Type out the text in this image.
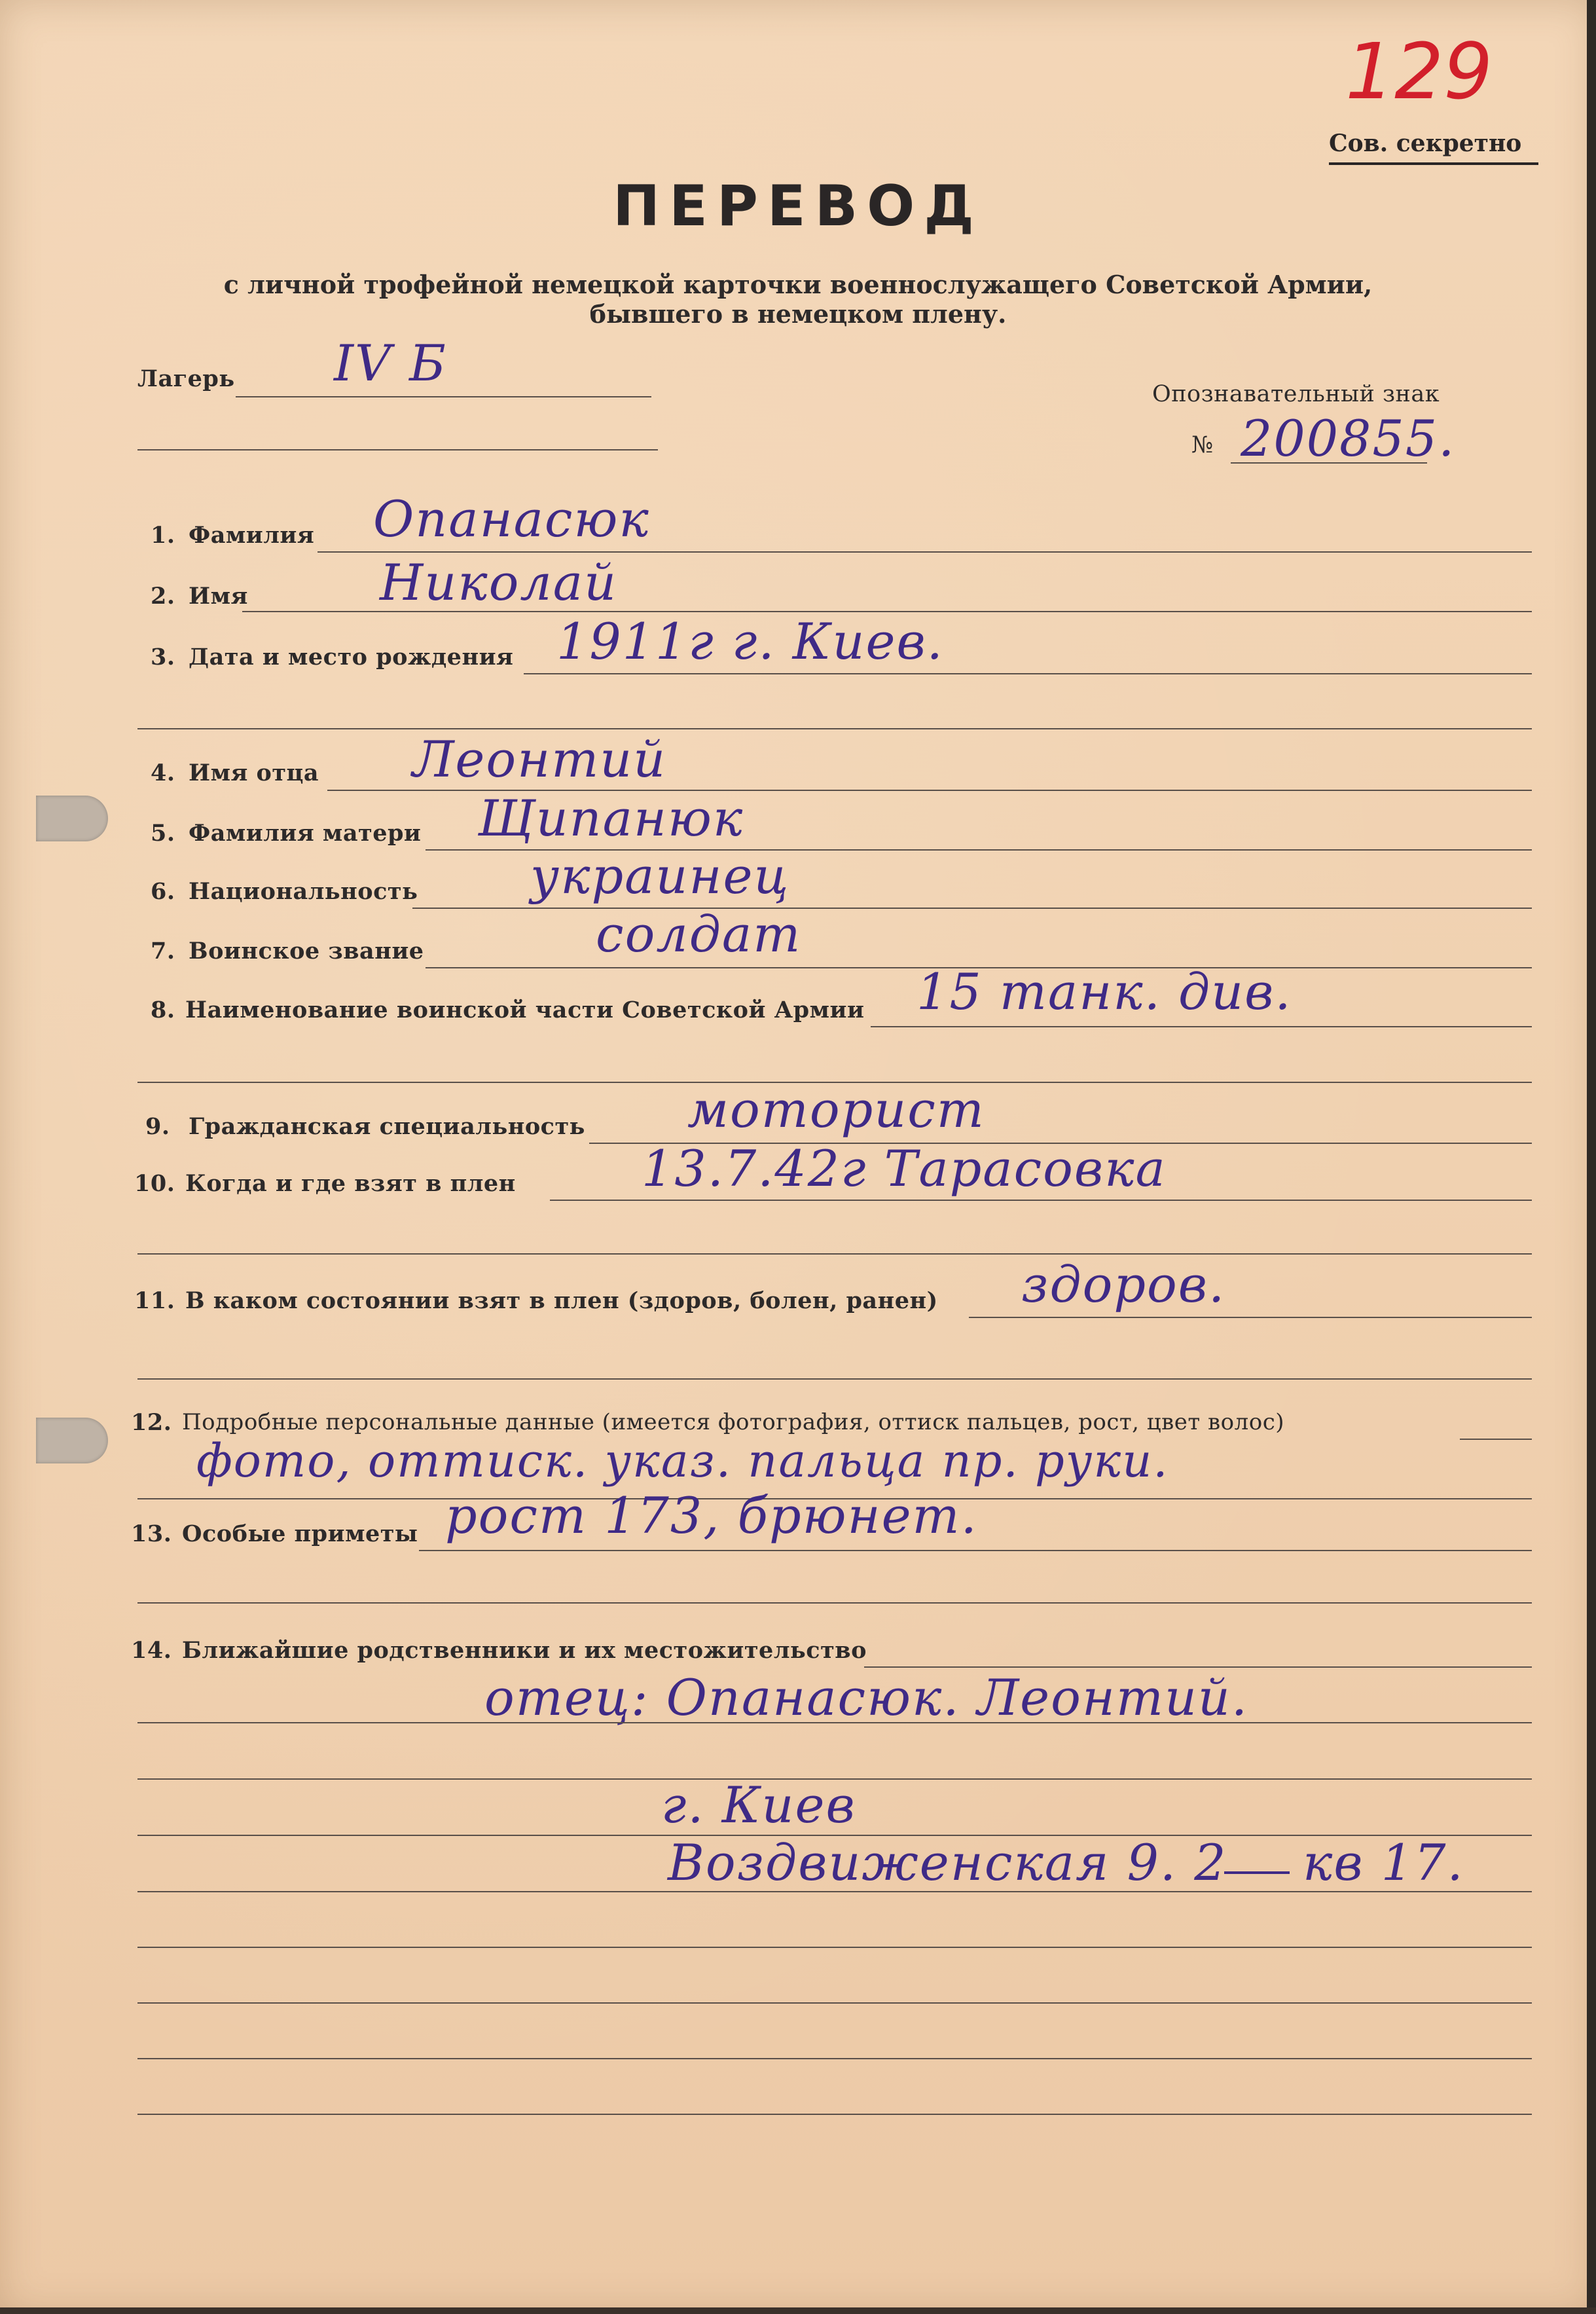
129
Сов. секретно
ПЕРЕВОД
с личной трофейной немецкой карточки военнослужащего Советской Армии,
бывшего в немецком плену.
Лагерь IV Б
Опознавательный знак
№ 200855.
1. Фамилия Опанасюк
2. Имя	Николай
3. Дата и место рождения 1911г г. Киев.
4. Имя отца Леонтий
5. Фамилия матери Щипанюк
6. Национальность украинец
7. Воинское звание	солдат
8. Наименование воинской части Советской Армии 15 танк. див.
9. Гражданская специальность моторист
10. Когда и где взят в плен	13.7.42г Тарасовка
11. В каком состоянии взят в плен (здоров, болен, ранен) здоров.
12. Подробные персональные данные (имеется фотография, оттиск пальцев, рост, цвет волос)
фото, оттиск. указ. пальца пр. руки.
13. Особые приметы рост 173, брюнет.
14. Ближайшие родственники и их местожительство
отец: Опанасюк. Леонтий.
г. Киев
Воздвиженская 9. 2 кв 17.
